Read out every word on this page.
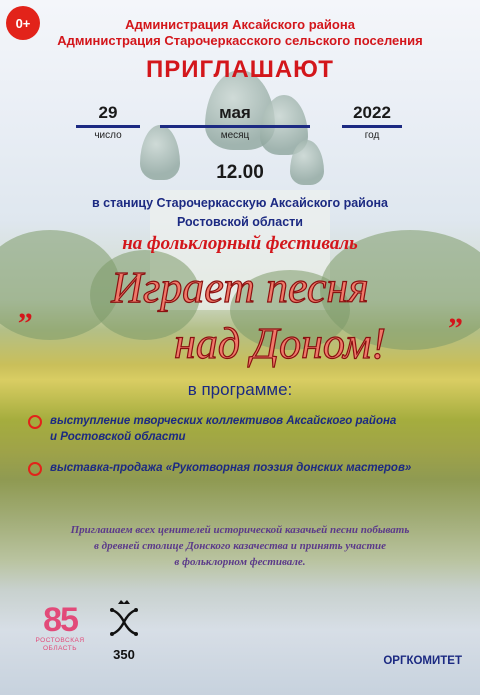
0+	Администрация Аксайского района
Администрация Старочеркасского сельского поселения
ПРИГЛАШАЮТ
29
число
мая
месяц
2022
год
12.00
в станицу Старочеркасскую Аксайского района
Ростовской области
на фольклорный фестиваль
„	Играет песня
над Доном!	”
в программе:
выступление творческих коллективов Аксайского района
и Ростовской области
выставка-продажа «Рукотворная поэзия донских мастеров»
Приглашаем всех ценителей исторической казачьей песни побывать
в древней столице Донского казачества и принять участие
в фольклорном фестивале.
85
РОСТОВСКАЯ
ОБЛАСТЬ	350	ОРГКОМИТЕТ
